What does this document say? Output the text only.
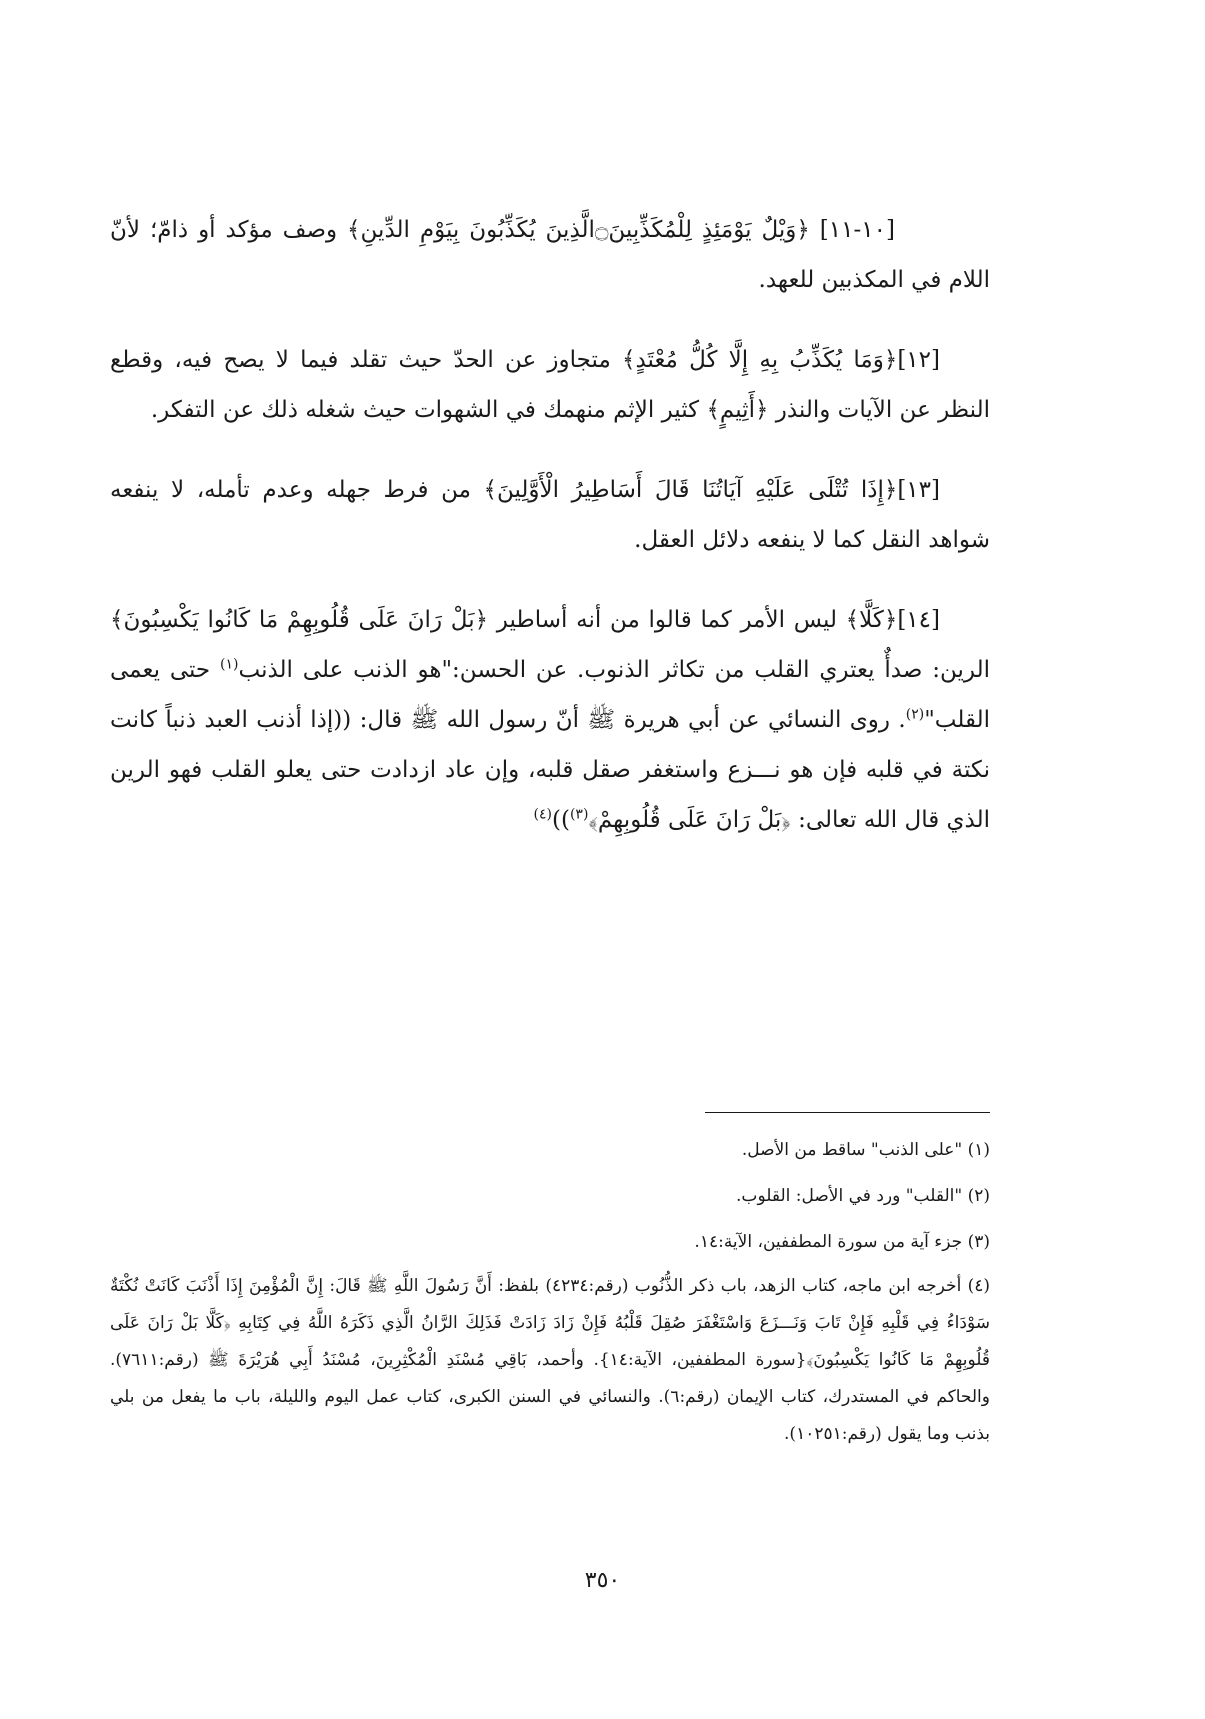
[١٠-١١] ﴿وَيْلٌ يَوْمَئِذٍ لِلْمُكَذِّبِينَ۝الَّذِينَ يُكَذِّبُونَ بِيَوْمِ الدِّينِ﴾ وصف مؤكد أو ذامّ؛ لأنّ اللام في المكذبين للعهد.

[١٢]﴿وَمَا يُكَذِّبُ بِهِ إِلَّا كُلُّ مُعْتَدٍ﴾ متجاوز عن الحدّ حيث تقلد فيما لا يصح فيه، وقطع النظر عن الآيات والنذر ﴿أَثِيمٍ﴾ كثير الإثم منهمك في الشهوات حيث شغله ذلك عن التفكر.

[١٣]﴿إِذَا تُتْلَى عَلَيْهِ آيَاتُنَا قَالَ أَسَاطِيرُ الْأَوَّلِينَ﴾ من فرط جهله وعدم تأمله، لا ينفعه شواهد النقل كما لا ينفعه دلائل العقل.

[١٤]﴿كَلَّا﴾ ليس الأمر كما قالوا من أنه أساطير ﴿بَلْ رَانَ عَلَى قُلُوبِهِمْ مَا كَانُوا يَكْسِبُونَ﴾ الرين: صدأٌ يعتري القلب من تكاثر الذنوب. عن الحسن:"هو الذنب على الذنب$^{(١)}$ حتى يعمى القلب"$^{(٢)}$. روى النسائي عن أبي هريرة ﷺ أنّ رسول الله ﷺ قال: ((إذا أذنب العبد ذنباً كانت نكتة في قلبه فإن هو نـــزع واستغفر صقل قلبه، وإن عاد ازدادت حتى يعلو القلب فهو الرين الذي قال الله تعالى: ﴿بَلْ رَانَ عَلَى قُلُوبِهِمْ﴾$^{(٣)}$))$^{(٤)}$

(١) "على الذنب" ساقط من الأصل.

(٢) "القلب" ورد في الأصل: القلوب.

(٣) جزء آية من سورة المطففين، الآية:١٤.

(٤) أخرجه ابن ماجه، كتاب الزهد، باب ذكر الذُّنُوب (رقم:٤٢٣٤) بلفظ: أَنَّ رَسُولَ اللَّهِ ﷺ قَالَ: إِنَّ الْمُؤْمِنَ إِذَا أَذْنَبَ كَانَتْ نُكْتَةٌ سَوْدَاءُ فِي قَلْبِهِ فَإِنْ تَابَ وَنَـــزَعَ وَاسْتَغْفَرَ صُقِلَ قَلْبُهُ فَإِنْ زَادَ زَادَتْ فَذَلِكَ الرَّانُ الَّذِي ذَكَرَهُ اللَّهُ فِي كِتَابِهِ ﴿كَلَّا بَلْ رَانَ عَلَى قُلُوبِهِمْ مَا كَانُوا يَكْسِبُونَ﴾{سورة المطففين، الآية:١٤}. وأحمد، بَاقِي مُسْنَدِ الْمُكْثِرِينَ، مُسْنَدُ أَبِي هُرَيْرَةَ ﷺ (رقم:٧٦١١). والحاكم في المستدرك، كتاب الإيمان (رقم:٦). والنسائي في السنن الكبرى، كتاب عمل اليوم والليلة، باب ما يفعل من بلي بذنب وما يقول (رقم:١٠٢٥١).

٣٥٠
